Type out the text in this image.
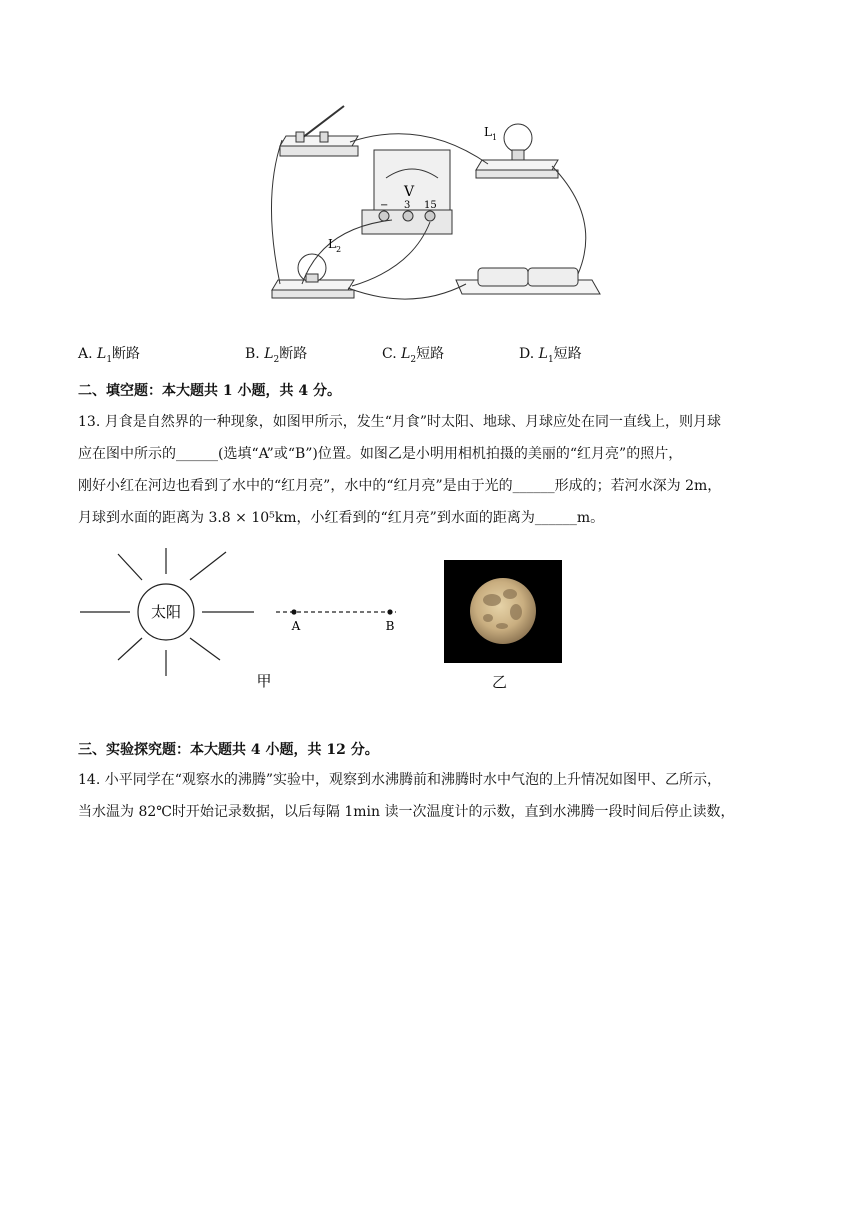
L 1
L 2
V
− 3 15
A. $L_1$断路	B. $L_2$断路	C. $L_2$短路	D. $L_1$短路
二、填空题：本大题共 1 小题，共 4 分。
13. 月食是自然界的一种现象，如图甲所示，发生“月食”时太阳、地球、月球应处在同一直线上，则月球
应在图中所示的______(选填“A”或“B”)位置。如图乙是小明用相机拍摄的美丽的“红月亮”的照片，
刚好小红在河边也看到了水中的“红月亮”，水中的“红月亮”是由于光的______形成的；若河水深为 2m，
月球到水面的距离为 3.8 × 10⁵km，小红看到的“红月亮”到水面的距离为______m。
太阳
A	B
甲	乙
三、实验探究题：本大题共 4 小题，共 12 分。
14. 小平同学在“观察水的沸腾”实验中，观察到水沸腾前和沸腾时水中气泡的上升情况如图甲、乙所示，
当水温为 82℃时开始记录数据，以后每隔 1min 读一次温度计的示数，直到水沸腾一段时间后停止读数，
